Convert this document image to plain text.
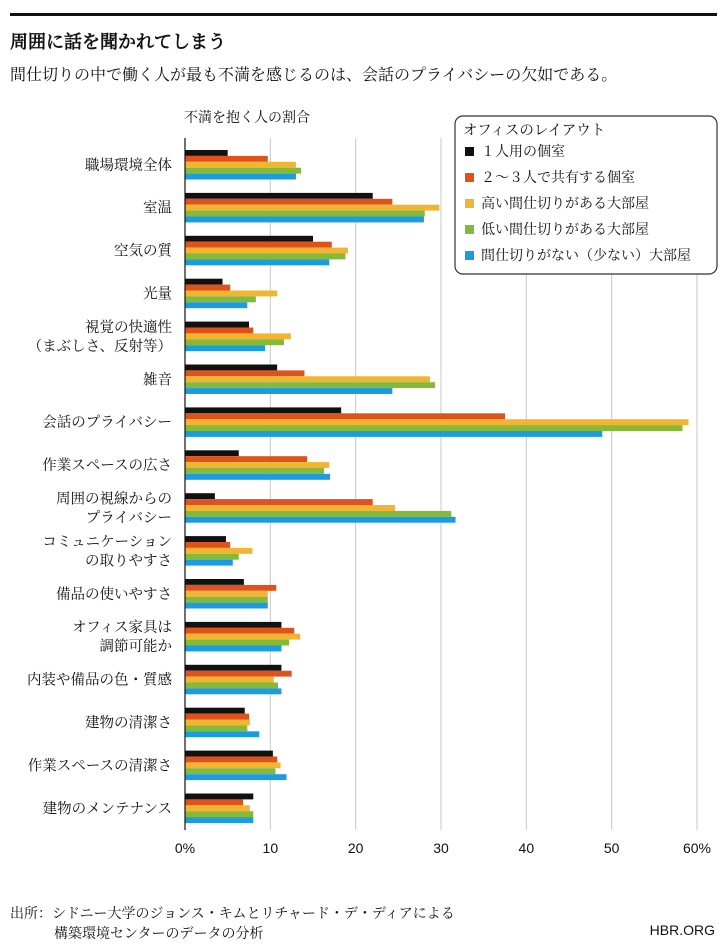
周囲に話を聞かれてしまう
間仕切りの中で働く人が最も不満を感じるのは、会話のプライバシーの欠如である。
不満を抱く人の割合
職場環境全体
室温
空気の質
光量
視覚の快適性
（まぶしさ、反射等）
雑音
会話のプライバシー
作業スペースの広さ
周囲の視線からの
プライバシー
コミュニケーション
の取りやすさ
備品の使いやすさ
オフィス家具は
調節可能か
内装や備品の色・質感
建物の清潔さ
作業スペースの清潔さ
建物のメンテナンス
0%	10	20	30	40	50	60%
オフィスのレイアウト
１人用の個室
２～３人で共有する個室
高い間仕切りがある大部屋
低い間仕切りがある大部屋
間仕切りがない（少ない）大部屋
出所：シドニー大学のジョンス・キムとリチャード・デ・ディアによる
構築環境センターのデータの分析	HBR.ORG
